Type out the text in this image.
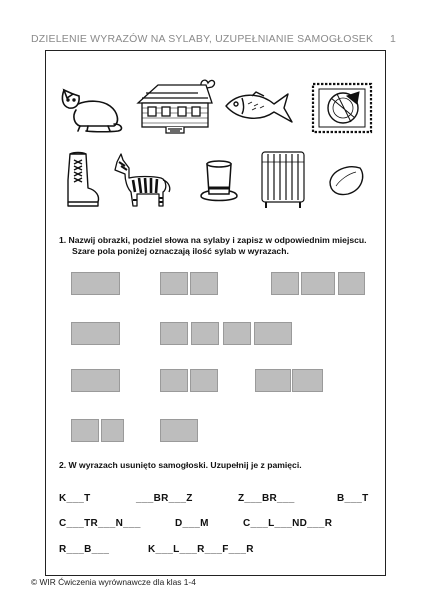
DZIELENIE WYRAZÓW NA SYLABY, UZUPEŁNIANIE SAMOGŁOSEK 1
1. Nazwij obrazki, podziel słowa na sylaby i zapisz w odpowiednim miejscu.
Szare pola poniżej oznaczają ilość sylab w wyrazach.
2. W wyrazach usunięto samogłoski. Uzupełnij je z pamięci.
K___T	___BR___Z	Z___BR___	B___T
C___TR___N___	D___M	C___L___ND___R
R___B___	K___L___R___F___R
© WIR Ćwiczenia wyrównawcze dla klas 1-4
